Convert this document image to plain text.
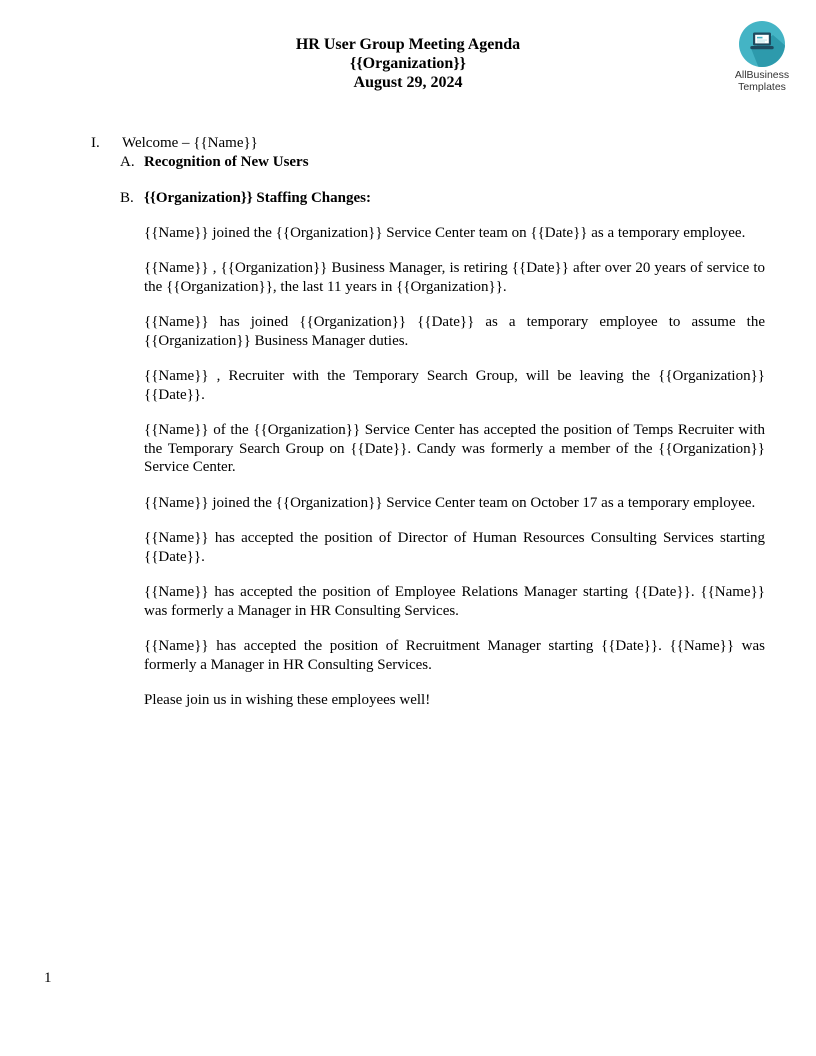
AllBusiness
Templates
HR User Group Meeting Agenda
{{Organization}}
August 29, 2024
I.	Welcome – {{Name}}
A. Recognition of New Users
B. {{Organization}} Staffing Changes:

{{Name}} joined the {{Organization}} Service Center team on {{Date}} as a temporary employee.

{{Name}} , {{Organization}} Business Manager, is retiring {{Date}} after over 20 years of service to the {{Organization}}, the last 11 years in {{Organization}}.

{{Name}} has joined {{Organization}} {{Date}} as a temporary employee to assume the {{Organization}} Business Manager duties.

{{Name}} , Recruiter with the Temporary Search Group, will be leaving the {{Organization}} {{Date}}.

{{Name}} of the {{Organization}} Service Center has accepted the position of Temps Recruiter with the Temporary Search Group on {{Date}}. Candy was formerly a member of the {{Organization}} Service Center.

{{Name}} joined the {{Organization}} Service Center team on October 17 as a temporary employee.

{{Name}} has accepted the position of Director of Human Resources Consulting Services starting {{Date}}.

{{Name}} has accepted the position of Employee Relations Manager starting {{Date}}. {{Name}} was formerly a Manager in HR Consulting Services.

{{Name}} has accepted the position of Recruitment Manager starting {{Date}}. {{Name}} was formerly a Manager in HR Consulting Services.

Please join us in wishing these employees well!

1
